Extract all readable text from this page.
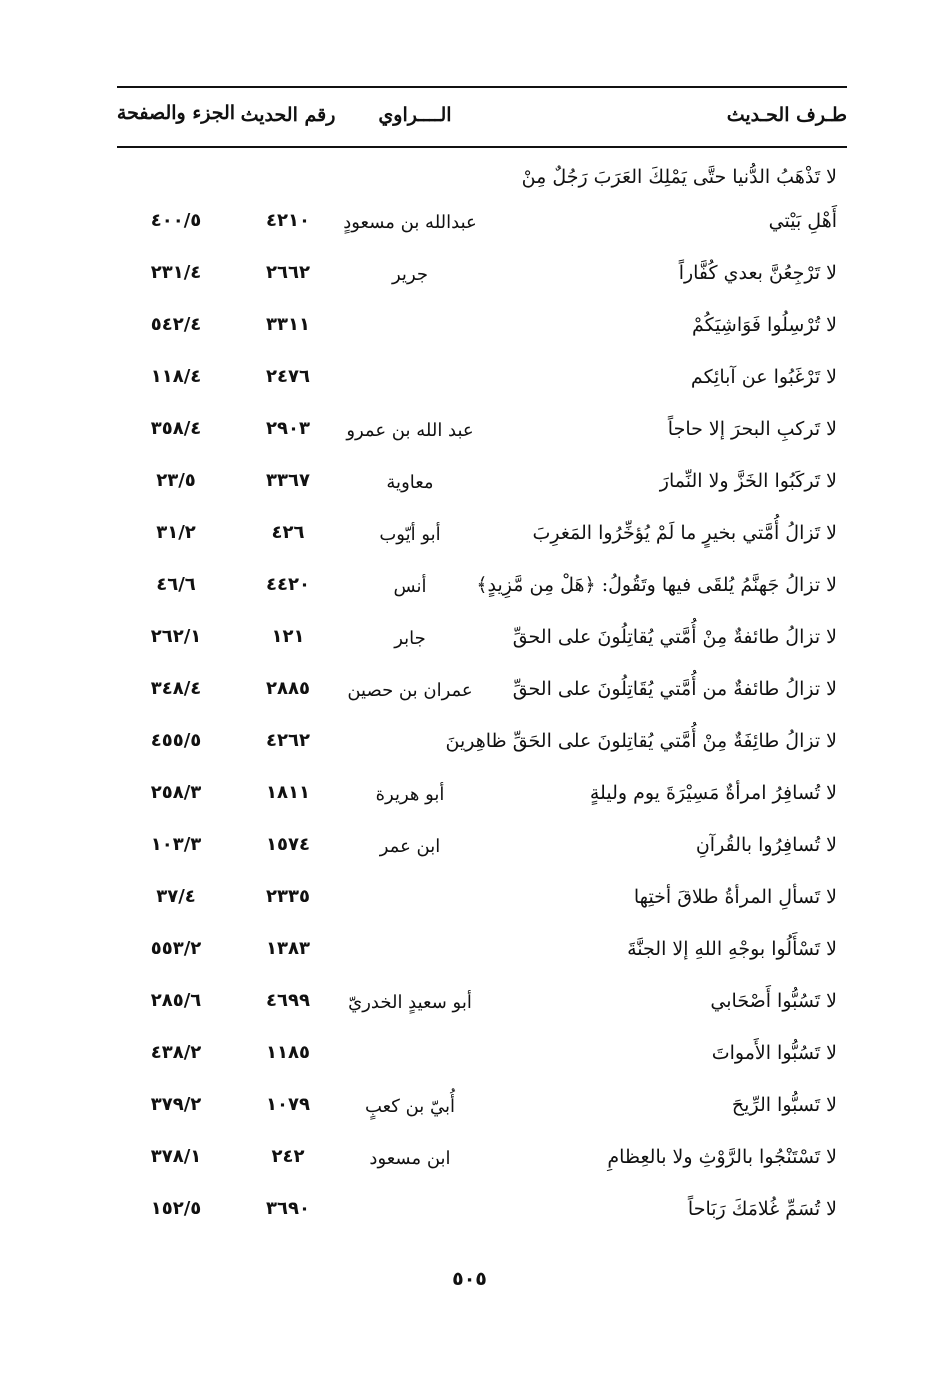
طـرف الحـديث
الــــراوي
رقم الحديث
الجزء والصفحة
لا تَذْهَبُ الدُّنيا حتَّى يَمْلِكَ العَرَبَ رَجُلٌ مِنْ
أَهْلِ بَيْتي
عبدالله بن مسعودٍ
٤٢١٠
٤٠٠/٥
لا تَرْجِعُنَّ بعدي كُفَّاراً
جرير
٢٦٦٢
٢٣١/٤
لا تُرْسِلُوا فَوَاشِيَكُمْ
٣٣١١
٥٤٢/٤
لا تَرْغَبُوا عن آبائِكم
٢٤٧٦
١١٨/٤
لا تَركبِ البحرَ إلا حاجاً
عبد الله بن عمرو
٢٩٠٣
٣٥٨/٤
لا تَركَبُوا الخَزَّ ولا النِّمارَ
معاوية
٣٣٦٧
٢٣/٥
لا تَزالُ أُمَّتي بخيرٍ ما لَمْ يُؤخِّرُوا المَغرِبَ
أبو أيّوب
٤٢٦
٣١/٢
لا تزالُ جَهنَّمُ يُلقَى فيها وتَقُولُ: ﴿هَلْ مِن مَّزِيدٍ﴾
أنس
٤٤٢٠
٤٦/٦
لا تزالُ طائفةٌ مِنْ أُمَّتي يُقاتِلُونَ على الحقِّ
جابر
١٢١
٢٦٢/١
لا تزالُ طائفةٌ من أُمَّتي يُقَاتِلُونَ على الحقِّ
عمران بن حصين
٢٨٨٥
٣٤٨/٤
لا تزالُ طائِفَةٌ مِنْ أُمَّتي يُقاتِلونَ على الحَقِّ ظاهِرينَ
٤٢٦٢
٤٥٥/٥
لا تُسافِرُ امرأةٌ مَسِيْرَةَ يوم وليلةٍ
أبو هريرة
١٨١١
٢٥٨/٣
لا تُسافِرُوا بالقُرآنِ
ابن عمر
١٥٧٤
١٠٣/٣
لا تَسألِ المرأةُ طلاقَ أختِها
٢٣٣٥
٣٧/٤
لا تَسْأَلُوا بوجْهِ اللهِ إلا الجنَّةَ
١٣٨٣
٥٥٣/٢
لا تَسُبُّوا أَصْحَابي
أبو سعيدٍ الخدريّ
٤٦٩٩
٢٨٥/٦
لا تَسُبُّوا الأَمواتَ
١١٨٥
٤٣٨/٢
لا تَسبُّوا الرِّيحَ
أُبيّ بن كعبٍ
١٠٧٩
٣٧٩/٢
لا تَسْتَنْجُوا بالرَّوْثِ ولا بالعِظامِ
ابن مسعود
٢٤٢
٣٧٨/١
لا تُسَمِّ غُلامَكَ رَبَاحاً
٣٦٩٠
١٥٢/٥
٥٠٥
